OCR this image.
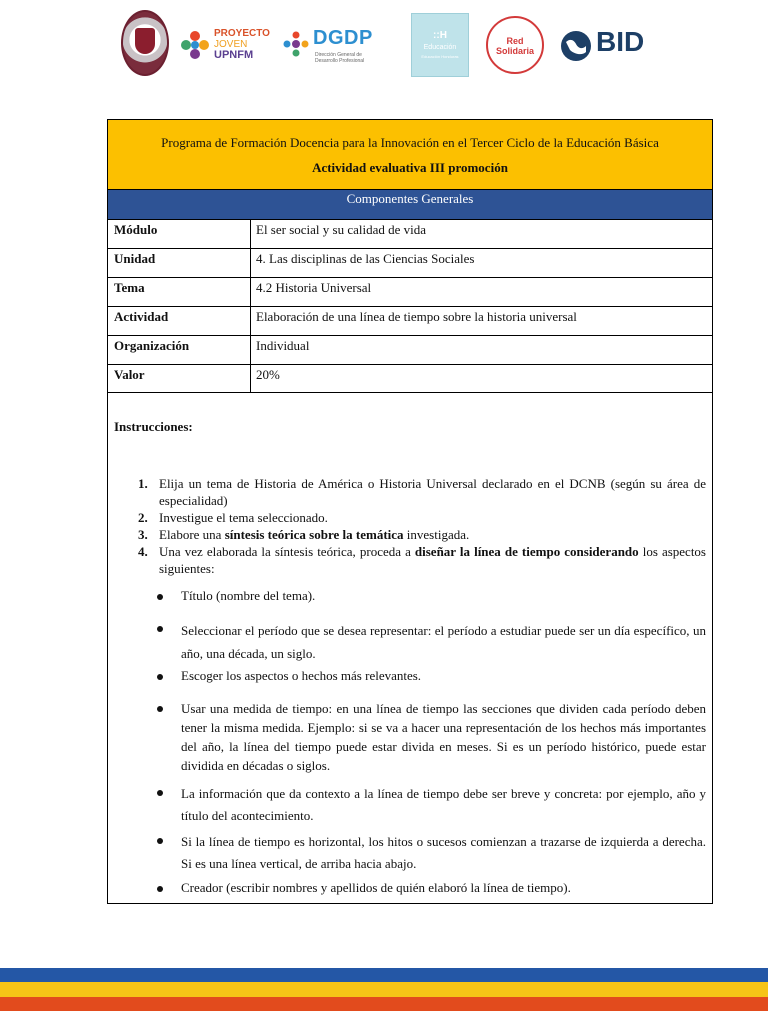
PROYECTO
JOVEN
UPNFM
DGDP
Dirección General de Desarrollo Profesional
::H
Educación
Educación Honduras
Red
Solidaria BID
Programa de Formación Docencia para la Innovación en el Tercer Ciclo de la Educación Básica
Actividad evaluativa III promoción
Componentes Generales
Módulo	El ser social y su calidad de vida
Unidad	4. Las disciplinas de las Ciencias Sociales
Tema	4.2 Historia Universal
Actividad	Elaboración de una línea de tiempo sobre la historia universal
Organización	Individual
Valor	20%
Instrucciones:
1. Elija un tema de Historia de América o Historia Universal declarado en el DCNB (según su área de especialidad)
2. Investigue el tema seleccionado.
3. Elabore una síntesis teórica sobre la temática investigada.
4. Una vez elaborada la síntesis teórica, proceda a diseñar la línea de tiempo considerando los aspectos siguientes:
Título (nombre del tema).
Seleccionar el período que se desea representar: el período a estudiar puede ser un día específico, un año, una década, un siglo.
Escoger los aspectos o hechos más relevantes.
Usar una medida de tiempo: en una línea de tiempo las secciones que dividen cada período deben tener la misma medida. Ejemplo: si se va a hacer una representación de los hechos más importantes del año, la línea del tiempo puede estar divida en meses. Si es un período histórico, puede estar dividida en décadas o siglos.
La información que da contexto a la línea de tiempo debe ser breve y concreta: por ejemplo, año y título del acontecimiento.
Si la línea de tiempo es horizontal, los hitos o sucesos comienzan a trazarse de izquierda a derecha. Si es una línea vertical, de arriba hacia abajo.
Creador (escribir nombres y apellidos de quién elaboró la línea de tiempo).
